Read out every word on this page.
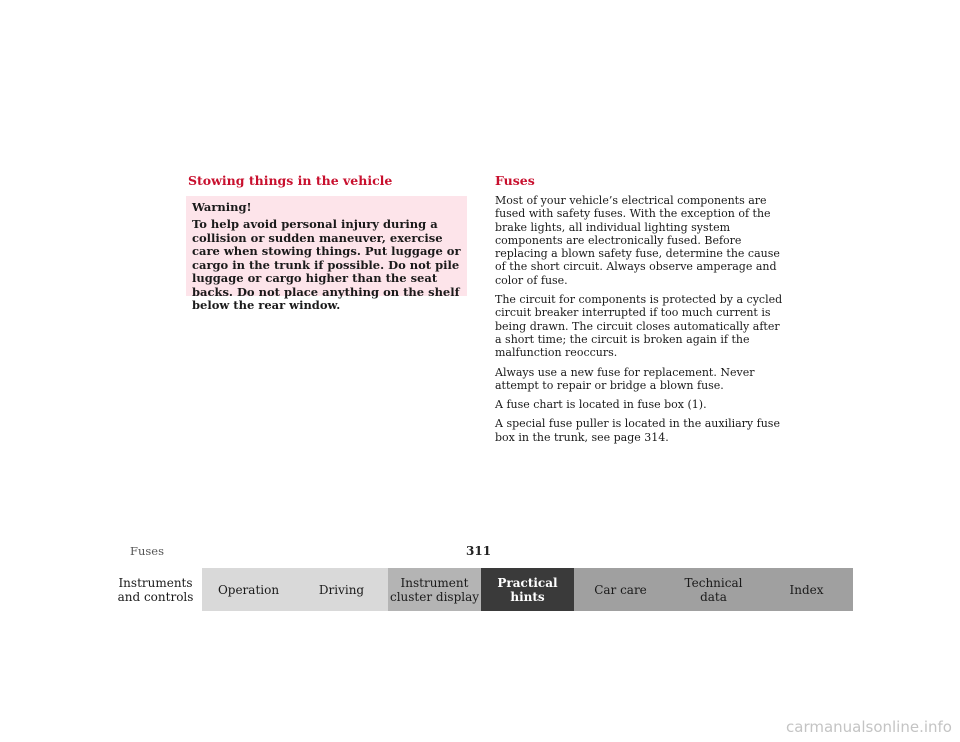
Stowing things in the vehicle
Warning!
To help avoid personal injury during a collision or sudden maneuver, exercise care when stowing things. Put luggage or cargo in the trunk if possible. Do not pile luggage or cargo higher than the seat backs. Do not place anything on the shelf below the rear window.
Fuses

Most of your vehicle’s electrical components are fused with safety fuses. With the exception of the brake lights, all individual lighting system components are electronically fused. Before replacing a blown safety fuse, determine the cause of the short circuit. Always observe amperage and color of fuse.

The circuit for components is protected by a cycled circuit breaker interrupted if too much current is being drawn. The circuit closes automatically after a short time; the circuit is broken again if the malfunction reoccurs.

Always use a new fuse for replacement. Never attempt to repair or bridge a blown fuse.

A fuse chart is located in fuse box (1).

A special fuse puller is located in the auxiliary fuse box in the trunk, see page 314.

Fuses	311
Instruments
and controls	Operation	Driving	Instrument
cluster display
Practical hints	Car care	Technical
data	Index
carmanualsonline.info
